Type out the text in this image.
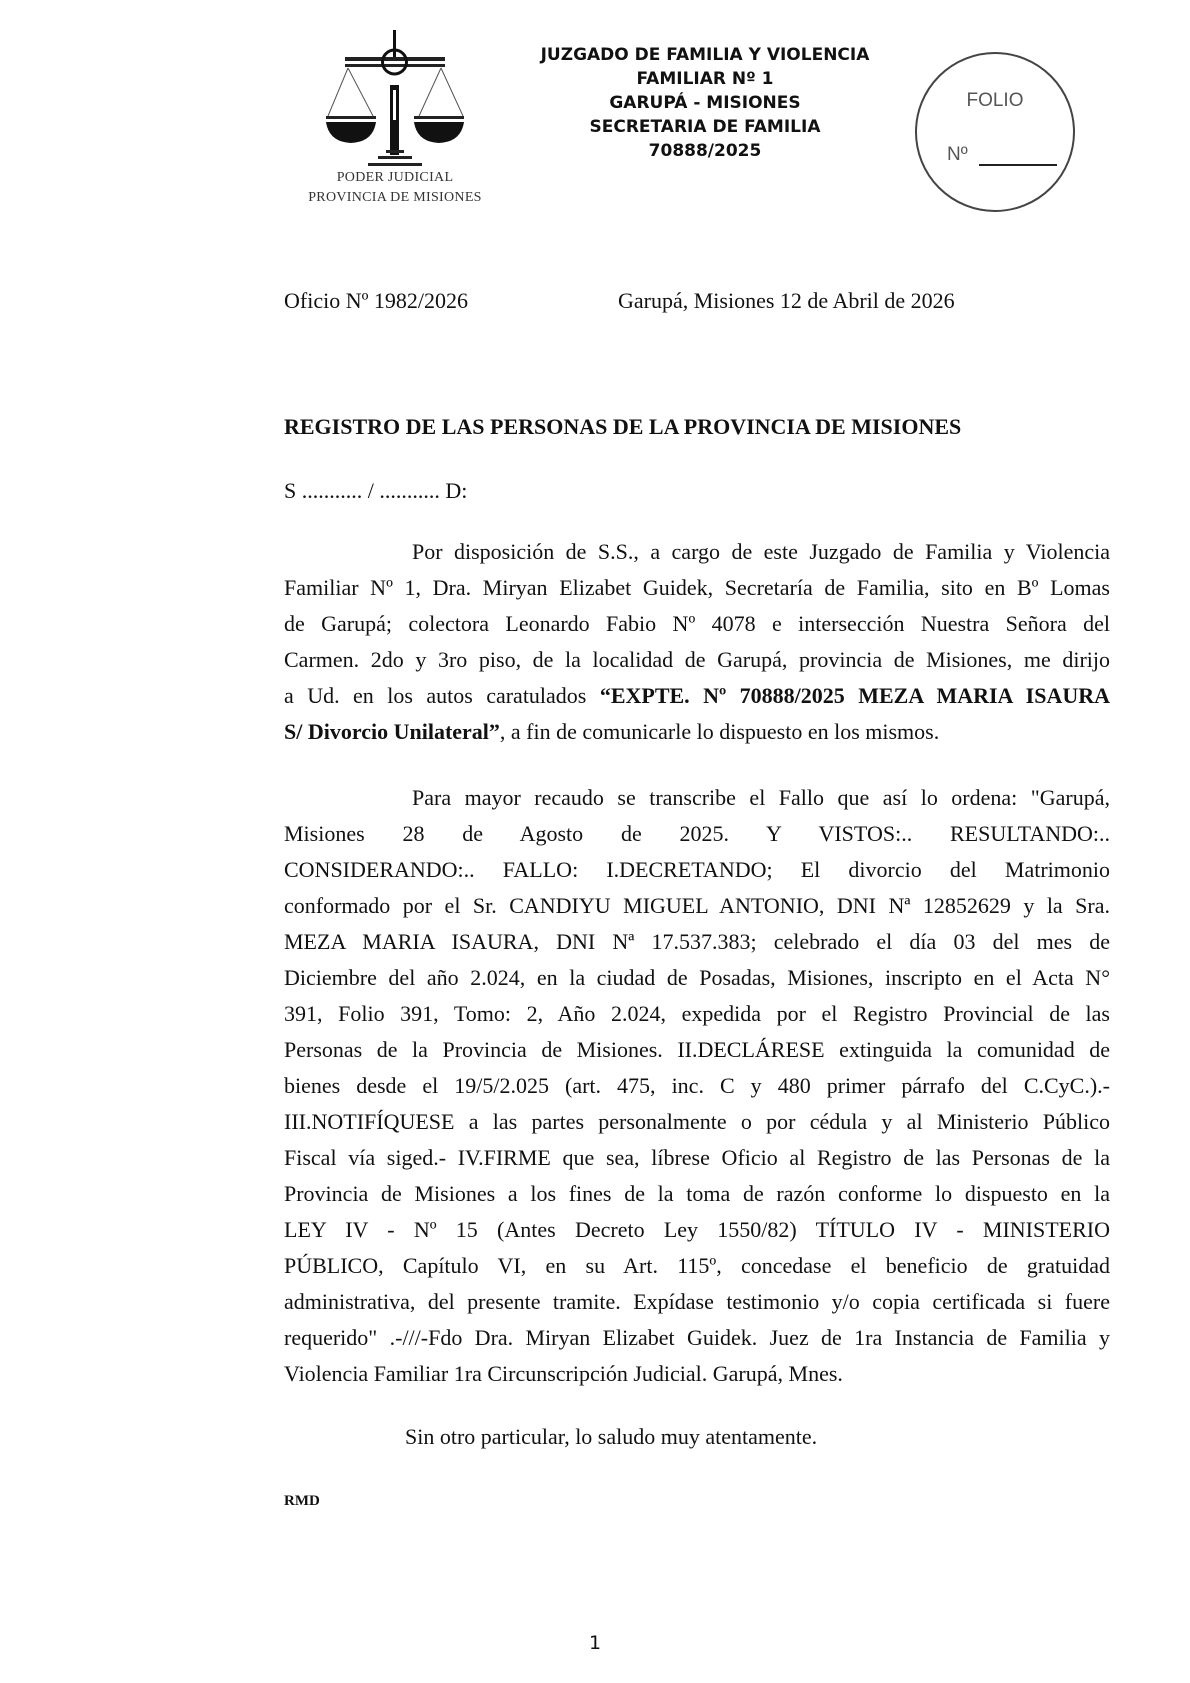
PODER JUDICIAL
PROVINCIA DE MISIONES
JUZGADO DE FAMILIA Y VIOLENCIA
FAMILIAR Nº 1
GARUPÁ - MISIONES
SECRETARIA DE FAMILIA
70888/2025
FOLIO
Nº
Oficio Nº 1982/2026	Garupá, Misiones 12 de Abril de 2026
REGISTRO DE LAS PERSONAS DE LA PROVINCIA DE MISIONES
S ........... / ........... D:
Por disposición de S.S., a cargo de este Juzgado de Familia y Violencia
Familiar Nº 1, Dra. Miryan Elizabet Guidek, Secretaría de Familia, sito en Bº Lomas
de Garupá; colectora Leonardo Fabio Nº 4078 e intersección Nuestra Señora del
Carmen. 2do y 3ro piso, de la localidad de Garupá, provincia de Misiones, me dirijo
a Ud. en los autos caratulados “EXPTE. Nº 70888/2025 MEZA MARIA ISAURA
S/ Divorcio Unilateral”, a fin de comunicarle lo dispuesto en los mismos.
Para mayor recaudo se transcribe el Fallo que así lo ordena: "Garupá,
Misiones 28 de Agosto de 2025. Y VISTOS:.. RESULTANDO:..
CONSIDERANDO:.. FALLO: I.DECRETANDO; El divorcio del Matrimonio
conformado por el Sr. CANDIYU MIGUEL ANTONIO, DNI Nª 12852629 y la Sra.
MEZA MARIA ISAURA, DNI Nª 17.537.383; celebrado el día 03 del mes de
Diciembre del año 2.024, en la ciudad de Posadas, Misiones, inscripto en el Acta N°
391, Folio 391, Tomo: 2, Año 2.024, expedida por el Registro Provincial de las
Personas de la Provincia de Misiones. II.DECLÁRESE extinguida la comunidad de
bienes desde el 19/5/2.025 (art. 475, inc. C y 480 primer párrafo del C.CyC.).-
III.NOTIFÍQUESE a las partes personalmente o por cédula y al Ministerio Público
Fiscal vía siged.- IV.FIRME que sea, líbrese Oficio al Registro de las Personas de la
Provincia de Misiones a los fines de la toma de razón conforme lo dispuesto en la
LEY IV - Nº 15 (Antes Decreto Ley 1550/82) TÍTULO IV - MINISTERIO
PÚBLICO, Capítulo VI, en su Art. 115º, concedase el beneficio de gratuidad
administrativa, del presente tramite. Expídase testimonio y/o copia certificada si fuere
requerido" .-///-Fdo Dra. Miryan Elizabet Guidek. Juez de 1ra Instancia de Familia y
Violencia Familiar 1ra Circunscripción Judicial. Garupá, Mnes.
Sin otro particular, lo saludo muy atentamente.
RMD
1
